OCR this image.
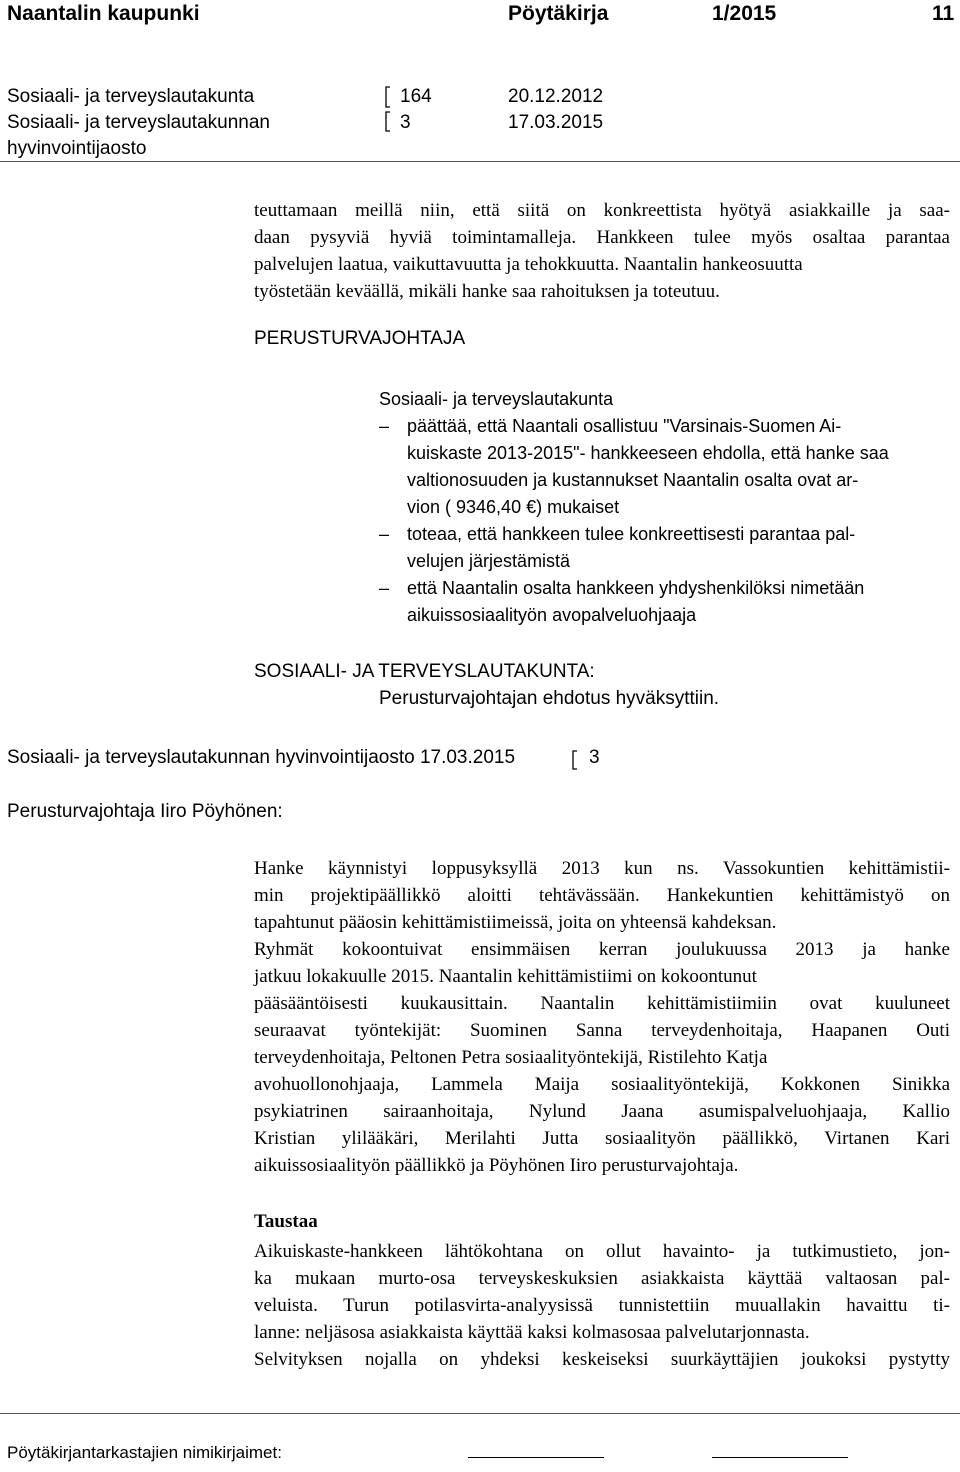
Naantalin kaupunki	Pöytäkirja	1/2015	11
Sosiaali- ja terveyslautakunta	164	20.12.2012
Sosiaali- ja terveyslautakunnan	3	17.03.2015
hyvinvointijaosto
teuttamaan meillä niin, että siitä on konkreettista hyötyä asiakkaille ja saa-
daan pysyviä hyviä toimintamalleja. Hankkeen tulee myös osaltaa parantaa
palvelujen laatua, vaikuttavuutta ja tehokkuutta. Naantalin hankeosuutta
työstetään keväällä, mikäli hanke saa rahoituksen ja toteutuu.
PERUSTURVAJOHTAJA
Sosiaali- ja terveyslautakunta
– päättää, että Naantali osallistuu "Varsinais-Suomen Ai-
kuiskaste 2013-2015"- hankkeeseen ehdolla, että hanke saa
valtionosuuden ja kustannukset Naantalin osalta ovat ar-
vion ( 9346,40 €) mukaiset
– toteaa, että hankkeen tulee konkreettisesti parantaa pal-
velujen järjestämistä
– että Naantalin osalta hankkeen yhdyshenkilöksi nimetään
aikuissosiaalityön avopalveluohjaaja
SOSIAALI- JA TERVEYSLAUTAKUNTA:
Perusturvajohtajan ehdotus hyväksyttiin.
Sosiaali- ja terveyslautakunnan hyvinvointijaosto 17.03.2015	3
Perusturvajohtaja Iiro Pöyhönen:
Hanke käynnistyi loppusyksyllä 2013 kun ns. Vassokuntien kehittämistii-
min projektipäällikkö aloitti tehtävässään. Hankekuntien kehittämistyö on
tapahtunut pääosin kehittämistiimeissä, joita on yhteensä kahdeksan.
Ryhmät kokoontuivat ensimmäisen kerran joulukuussa 2013 ja hanke
jatkuu lokakuulle 2015. Naantalin kehittämistiimi on kokoontunut
pääsääntöisesti kuukausittain. Naantalin kehittämistiimiin ovat kuuluneet
seuraavat työntekijät: Suominen Sanna terveydenhoitaja, Haapanen Outi
terveydenhoitaja, Peltonen Petra sosiaalityöntekijä, Ristilehto Katja
avohuollonohjaaja, Lammela Maija sosiaalityöntekijä, Kokkonen Sinikka
psykiatrinen sairaanhoitaja, Nylund Jaana asumispalveluohjaaja, Kallio
Kristian ylilääkäri, Merilahti Jutta sosiaalityön päällikkö, Virtanen Kari
aikuissosiaalityön päällikkö ja Pöyhönen Iiro perusturvajohtaja.
Taustaa
Aikuiskaste-hankkeen lähtökohtana on ollut havainto- ja tutkimustieto, jon-
ka mukaan murto-osa terveyskeskuksien asiakkaista käyttää valtaosan pal-
veluista. Turun potilasvirta-analyysissä tunnistettiin muuallakin havaittu ti-
lanne: neljäsosa asiakkaista käyttää kaksi kolmasosaa palvelutarjonnasta.
Selvityksen nojalla on yhdeksi keskeiseksi suurkäyttäjien joukoksi pystytty
Pöytäkirjantarkastajien nimikirjaimet:
